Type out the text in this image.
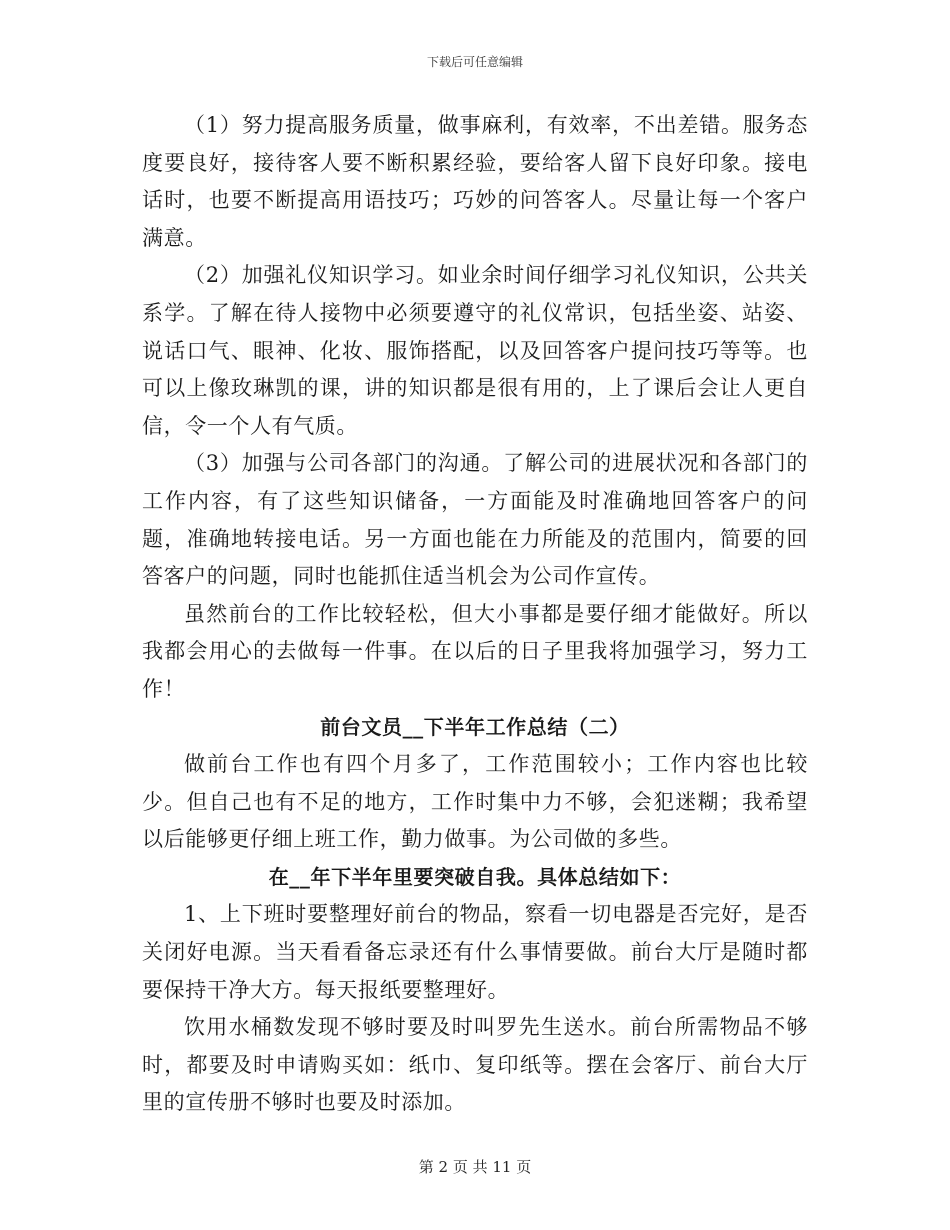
下载后可任意编辑

（1）努力提高服务质量，做事麻利，有效率，不出差错。服务态度要良好，接待客人要不断积累经验，要给客人留下良好印象。接电话时，也要不断提高用语技巧；巧妙的问答客人。尽量让每一个客户满意。

（2）加强礼仪知识学习。如业余时间仔细学习礼仪知识，公共关系学。了解在待人接物中必须要遵守的礼仪常识，包括坐姿、站姿、说话口气、眼神、化妆、服饰搭配，以及回答客户提问技巧等等。也可以上像玫琳凯的课，讲的知识都是很有用的，上了课后会让人更自信，令一个人有气质。

（3）加强与公司各部门的沟通。了解公司的进展状况和各部门的工作内容，有了这些知识储备，一方面能及时准确地回答客户的问题，准确地转接电话。另一方面也能在力所能及的范围内，简要的回答客户的问题，同时也能抓住适当机会为公司作宣传。

虽然前台的工作比较轻松，但大小事都是要仔细才能做好。所以我都会用心的去做每一件事。在以后的日子里我将加强学习，努力工作！

前台文员__下半年工作总结（二）

做前台工作也有四个月多了，工作范围较小；工作内容也比较少。但自己也有不足的地方，工作时集中力不够，会犯迷糊；我希望以后能够更仔细上班工作，勤力做事。为公司做的多些。

在__年下半年里要突破自我。具体总结如下：

1、上下班时要整理好前台的物品，察看一切电器是否完好，是否关闭好电源。当天看看备忘录还有什么事情要做。前台大厅是随时都要保持干净大方。每天报纸要整理好。

饮用水桶数发现不够时要及时叫罗先生送水。前台所需物品不够时，都要及时申请购买如：纸巾、复印纸等。摆在会客厅、前台大厅里的宣传册不够时也要及时添加。

第 2 页 共 11 页
